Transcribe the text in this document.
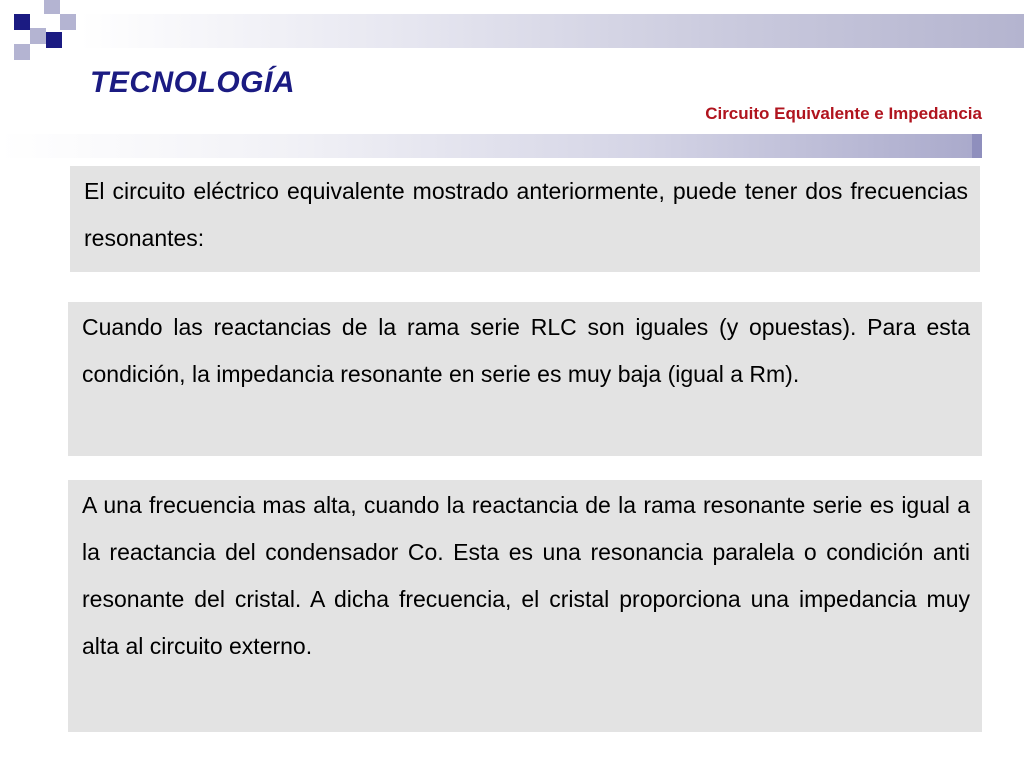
TECNOLOGÍA
Circuito Equivalente e Impedancia

El circuito eléctrico equivalente mostrado anteriormente, puede tener dos frecuencias resonantes:

Cuando las reactancias de la rama serie RLC son iguales (y opuestas). Para esta condición, la impedancia resonante en serie es muy baja (igual a Rm).

A una frecuencia mas alta, cuando la reactancia de la rama resonante serie es igual a la reactancia del condensador Co. Esta es una resonancia paralela o condición anti resonante del cristal. A dicha frecuencia, el cristal proporciona una impedancia muy alta al circuito externo.
